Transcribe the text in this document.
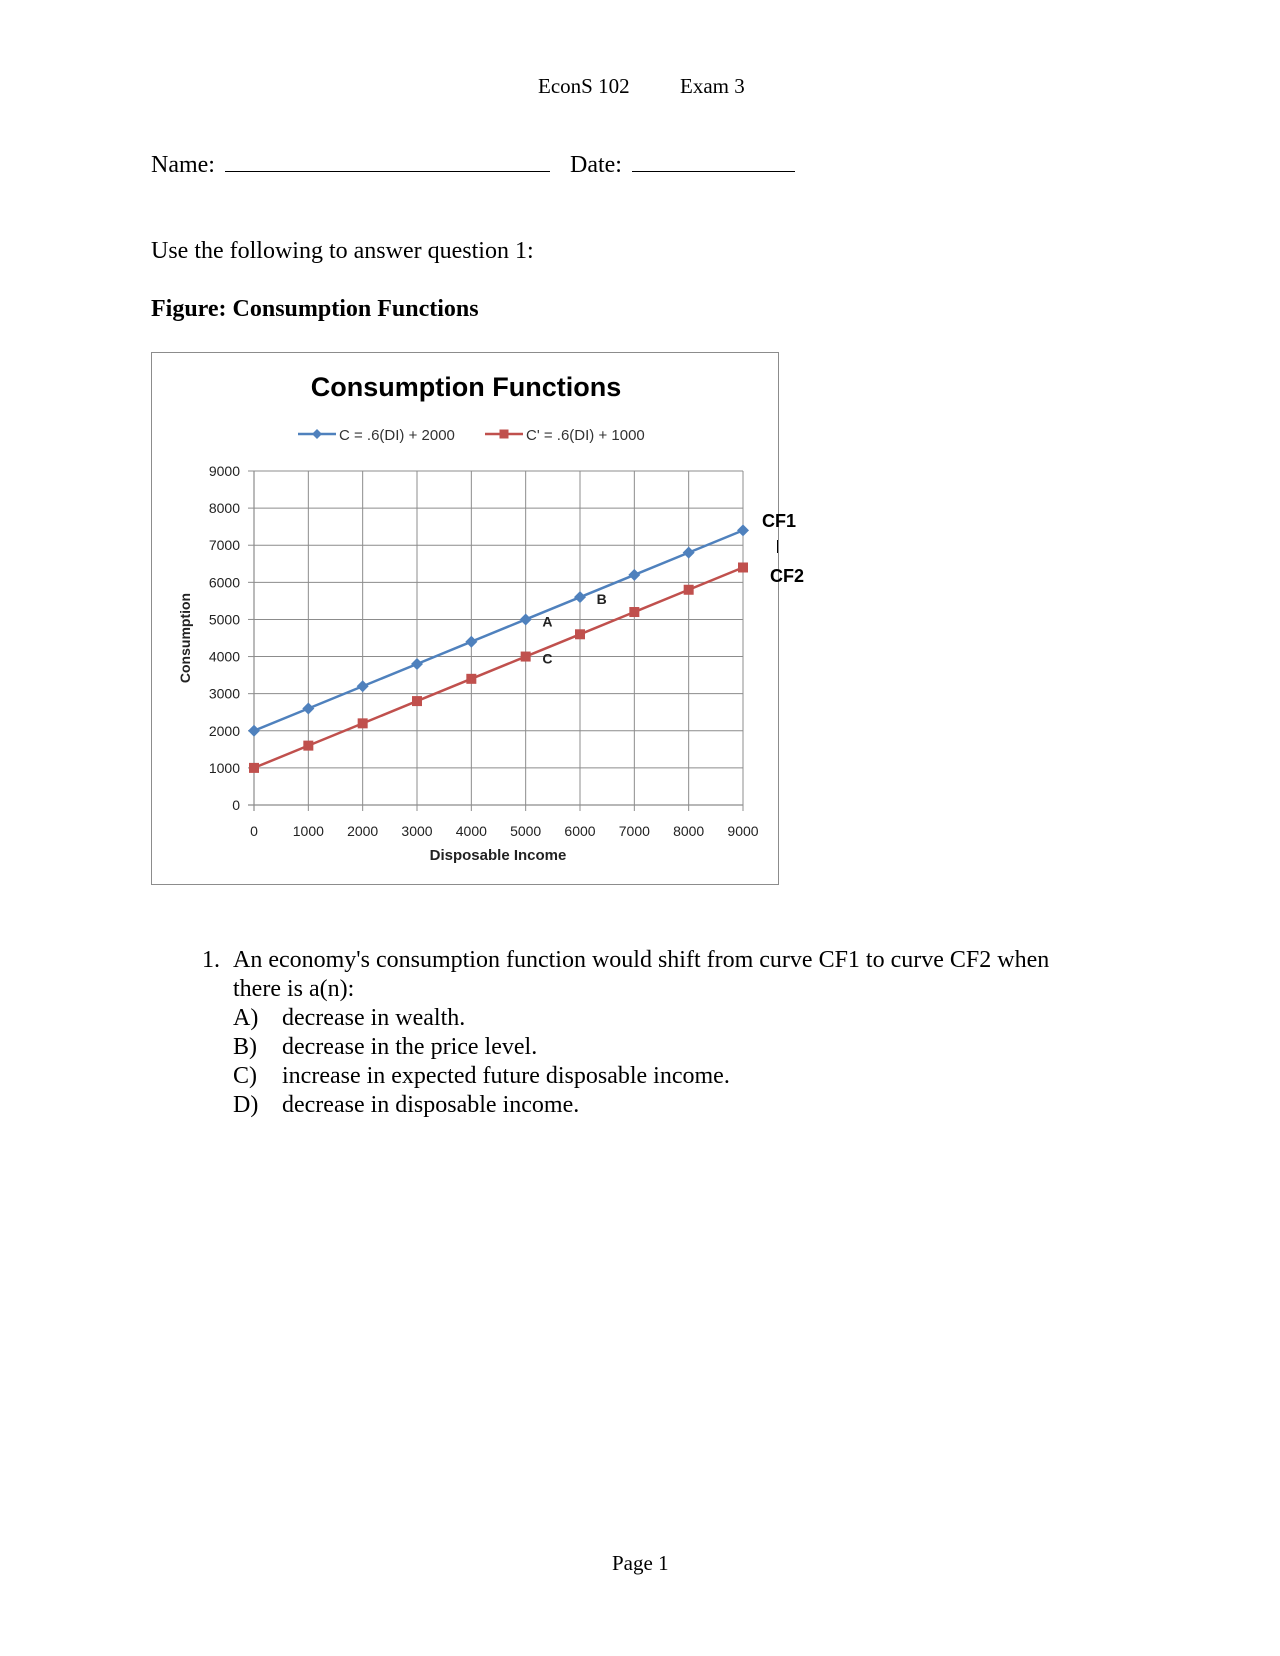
EconS 102 Exam 3
Name:	Date:
Use the following to answer question 1:
Figure: Consumption Functions
Consumption Functions
C = .6(DI) + 2000	C' = .6(DI) + 1000
0
1000
2000
3000
4000
5000
6000
7000
8000
9000
0 1000 2000 3000 4000 5000 6000 7000 8000 9000
Disposable Income
Consumption	A
B
C
CF1
CF2
1. An economy's consumption function would shift from curve CF1 to curve CF2 when
there is a(n):
A) decrease in wealth.
B) decrease in the price level.
C) increase in expected future disposable income.
D) decrease in disposable income.
Page 1
